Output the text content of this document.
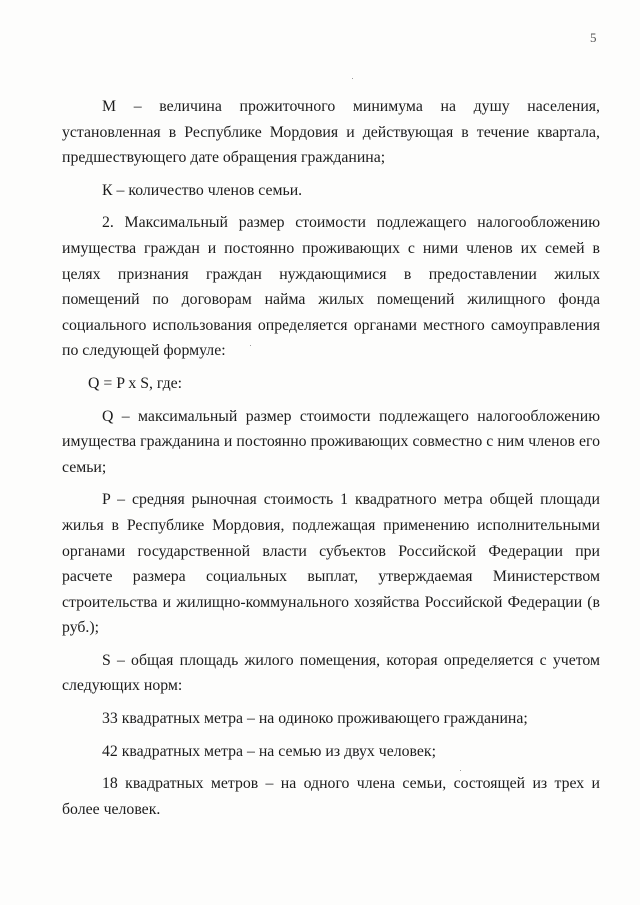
5

М – величина прожиточного минимума на душу населения, установленная в Республике Мордовия и действующая в течение квартала, предшествующего дате обращения гражданина;

К – количество членов семьи.

2. Максимальный размер стоимости подлежащего налогообложению имущества граждан и постоянно проживающих с ними членов их семей в целях признания граждан нуждающимися в предоставлении жилых помещений по договорам найма жилых помещений жилищного фонда социального использования определяется органами местного самоуправления по следующей формуле:

Q = P x S, где:

Q – максимальный размер стоимости подлежащего налогообложению имущества гражданина и постоянно проживающих совместно с ним членов его семьи;

P – средняя рыночная стоимость 1 квадратного метра общей площади жилья в Республике Мордовия, подлежащая применению исполнительными органами государственной власти субъектов Российской Федерации при расчете размера социальных выплат, утверждаемая Министерством строительства и жилищно-коммунального хозяйства Российской Федерации (в руб.);

S – общая площадь жилого помещения, которая определяется с учетом следующих норм:

33 квадратных метра – на одиноко проживающего гражданина;

42 квадратных метра – на семью из двух человек;

18 квадратных метров – на одного члена семьи, состоящей из трех и более человек.
